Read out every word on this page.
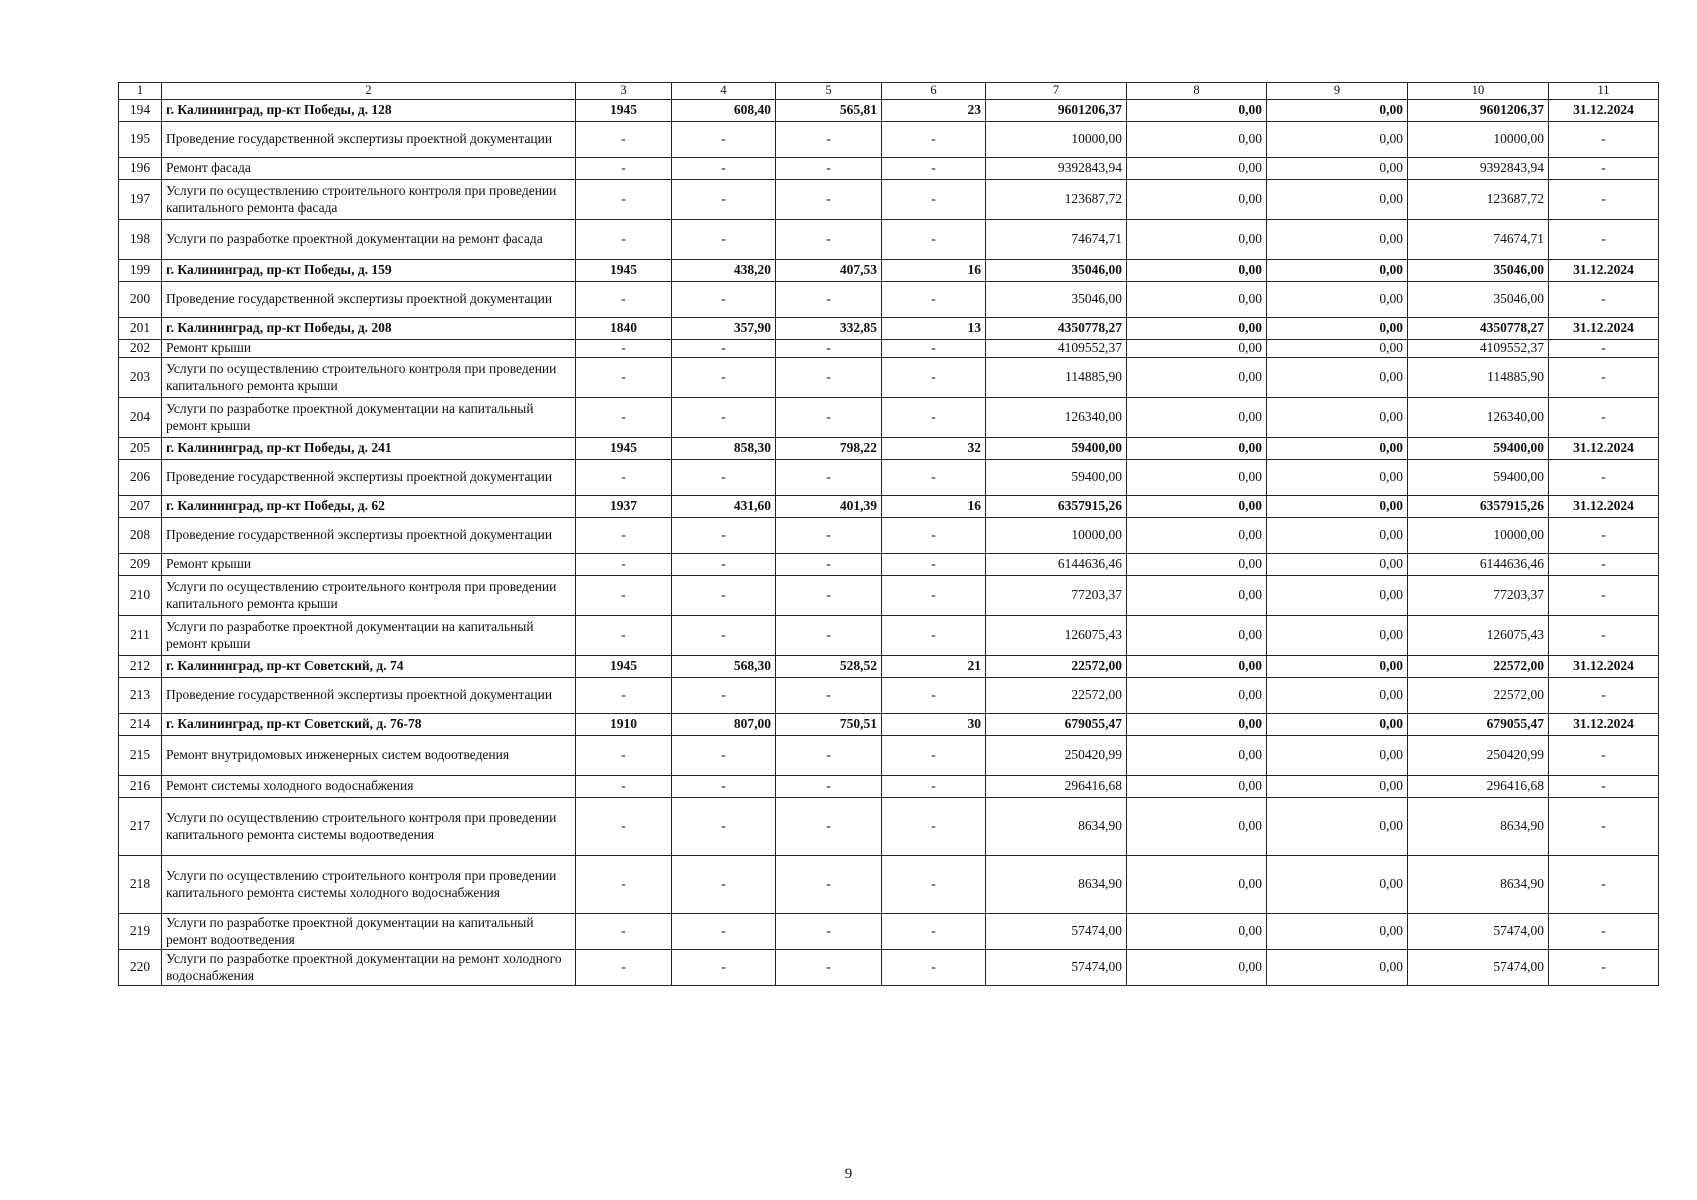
1	2	3	4	5	6	7	8	9	10	11
194	г. Калининград, пр-кт Победы, д. 128	1945	608,40	565,81	23	9601206,37	0,00	0,00	9601206,37	31.12.2024
195	Проведение государственной экспертизы проектной документации	-	-	-	-	10000,00	0,00	0,00	10000,00	-
196	Ремонт фасада	-	-	-	-	9392843,94	0,00	0,00	9392843,94	-
197	Услуги по осуществлению строительного контроля при проведении капитального ремонта фасада	-	-	-	-	123687,72	0,00	0,00	123687,72	-
198	Услуги по разработке проектной документации на ремонт фасада	-	-	-	-	74674,71	0,00	0,00	74674,71	-
199	г. Калининград, пр-кт Победы, д. 159	1945	438,20	407,53	16	35046,00	0,00	0,00	35046,00	31.12.2024
200	Проведение государственной экспертизы проектной документации	-	-	-	-	35046,00	0,00	0,00	35046,00	-
201	г. Калининград, пр-кт Победы, д. 208	1840	357,90	332,85	13	4350778,27	0,00	0,00	4350778,27	31.12.2024
202	Ремонт крыши	-	-	-	-	4109552,37	0,00	0,00	4109552,37	-
203	Услуги по осуществлению строительного контроля при проведении капитального ремонта крыши	-	-	-	-	114885,90	0,00	0,00	114885,90	-
204	Услуги по разработке проектной документации на капитальный ремонт крыши	-	-	-	-	126340,00	0,00	0,00	126340,00	-
205	г. Калининград, пр-кт Победы, д. 241	1945	858,30	798,22	32	59400,00	0,00	0,00	59400,00	31.12.2024
206	Проведение государственной экспертизы проектной документации	-	-	-	-	59400,00	0,00	0,00	59400,00	-
207	г. Калининград, пр-кт Победы, д. 62	1937	431,60	401,39	16	6357915,26	0,00	0,00	6357915,26	31.12.2024
208	Проведение государственной экспертизы проектной документации	-	-	-	-	10000,00	0,00	0,00	10000,00	-
209	Ремонт крыши	-	-	-	-	6144636,46	0,00	0,00	6144636,46	-
210	Услуги по осуществлению строительного контроля при проведении капитального ремонта крыши	-	-	-	-	77203,37	0,00	0,00	77203,37	-
211	Услуги по разработке проектной документации на капитальный ремонт крыши	-	-	-	-	126075,43	0,00	0,00	126075,43	-
212	г. Калининград, пр-кт Советский, д. 74	1945	568,30	528,52	21	22572,00	0,00	0,00	22572,00	31.12.2024
213	Проведение государственной экспертизы проектной документации	-	-	-	-	22572,00	0,00	0,00	22572,00	-
214	г. Калининград, пр-кт Советский, д. 76-78	1910	807,00	750,51	30	679055,47	0,00	0,00	679055,47	31.12.2024
215	Ремонт внутридомовых инженерных систем водоотведения	-	-	-	-	250420,99	0,00	0,00	250420,99	-
216	Ремонт системы холодного водоснабжения	-	-	-	-	296416,68	0,00	0,00	296416,68	-
217	Услуги по осуществлению строительного контроля при проведении капитального ремонта системы водоотведения	-	-	-	-	8634,90	0,00	0,00	8634,90	-
218	Услуги по осуществлению строительного контроля при проведении капитального ремонта системы холодного водоснабжения	-	-	-	-	8634,90	0,00	0,00	8634,90	-
219	Услуги по разработке проектной документации на капитальный ремонт водоотведения	-	-	-	-	57474,00	0,00	0,00	57474,00	-
220	Услуги по разработке проектной документации на ремонт холодного водоснабжения	-	-	-	-	57474,00	0,00	0,00	57474,00	-
9
